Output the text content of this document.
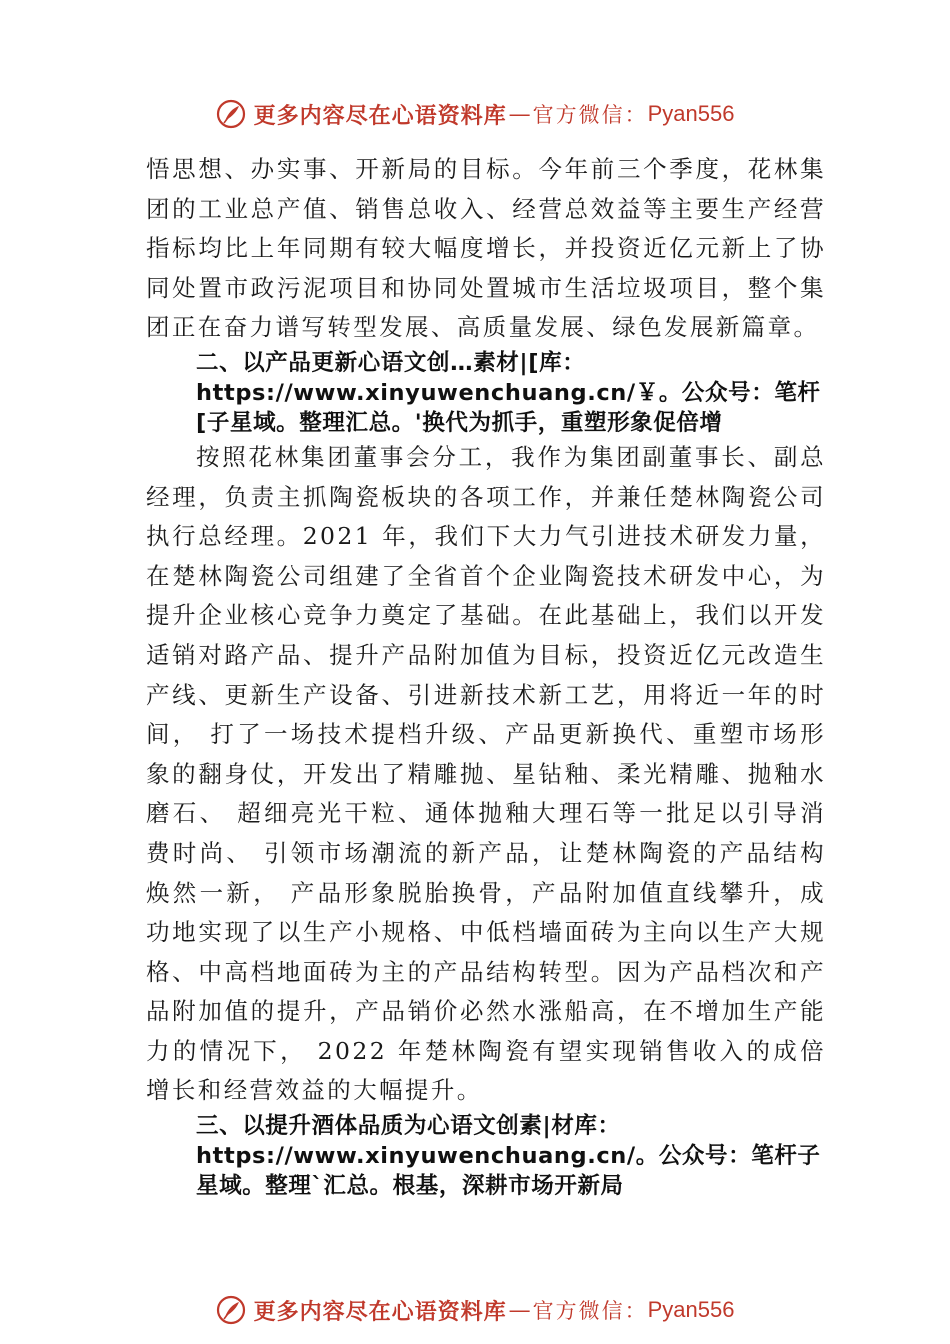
更多内容尽在心语资料库 — 官方微信： Pyan556

悟思想、办实事、开新局的目标。今年前三个季度，花林集团的工业总产值、销售总收入、经营总效益等主要生产经营指标均比上年同期有较大幅度增长，并投资近亿元新上了协同处置市政污泥项目和协同处置城市生活垃圾项目，整个集团正在奋力谱写转型发展、高质量发展、绿色发展新篇章。

二、以产品更新心语文创…素材|[库：https://www.xinyuwenchuang.cn/￥。公众号：笔杆[子星域。整理汇总。'换代为抓手，重塑形象促倍增

按照花林集团董事会分工，我作为集团副董事长、副总经理，负责主抓陶瓷板块的各项工作，并兼任楚林陶瓷公司执行总经理。2021 年，我们下大力气引进技术研发力量，在楚林陶瓷公司组建了全省首个企业陶瓷技术研发中心，为提升企业核心竞争力奠定了基础。在此基础上，我们以开发适销对路产品、提升产品附加值为目标，投资近亿元改造生产线、更新生产设备、引进新技术新工艺，用将近一年的时间， 打了一场技术提档升级、产品更新换代、重塑市场形象的翻身仗，开发出了精雕抛、星钻釉、柔光精雕、抛釉水磨石、 超细亮光干粒、通体抛釉大理石等一批足以引导消费时尚、 引领市场潮流的新产品，让楚林陶瓷的产品结构焕然一新， 产品形象脱胎换骨，产品附加值直线攀升，成功地实现了以生产小规格、中低档墙面砖为主向以生产大规格、中高档地面砖为主的产品结构转型。因为产品档次和产品附加值的提升，产品销价必然水涨船高，在不增加生产能力的情况下， 2022 年楚林陶瓷有望实现销售收入的成倍增长和经营效益的大幅提升。

三、以提升酒体品质为心语文创素|材库：https://www.xinyuwenchuang.cn/。公众号：笔杆子星域。整理`汇总。根基，深耕市场开新局
更多内容尽在心语资料库 — 官方微信： Pyan556
